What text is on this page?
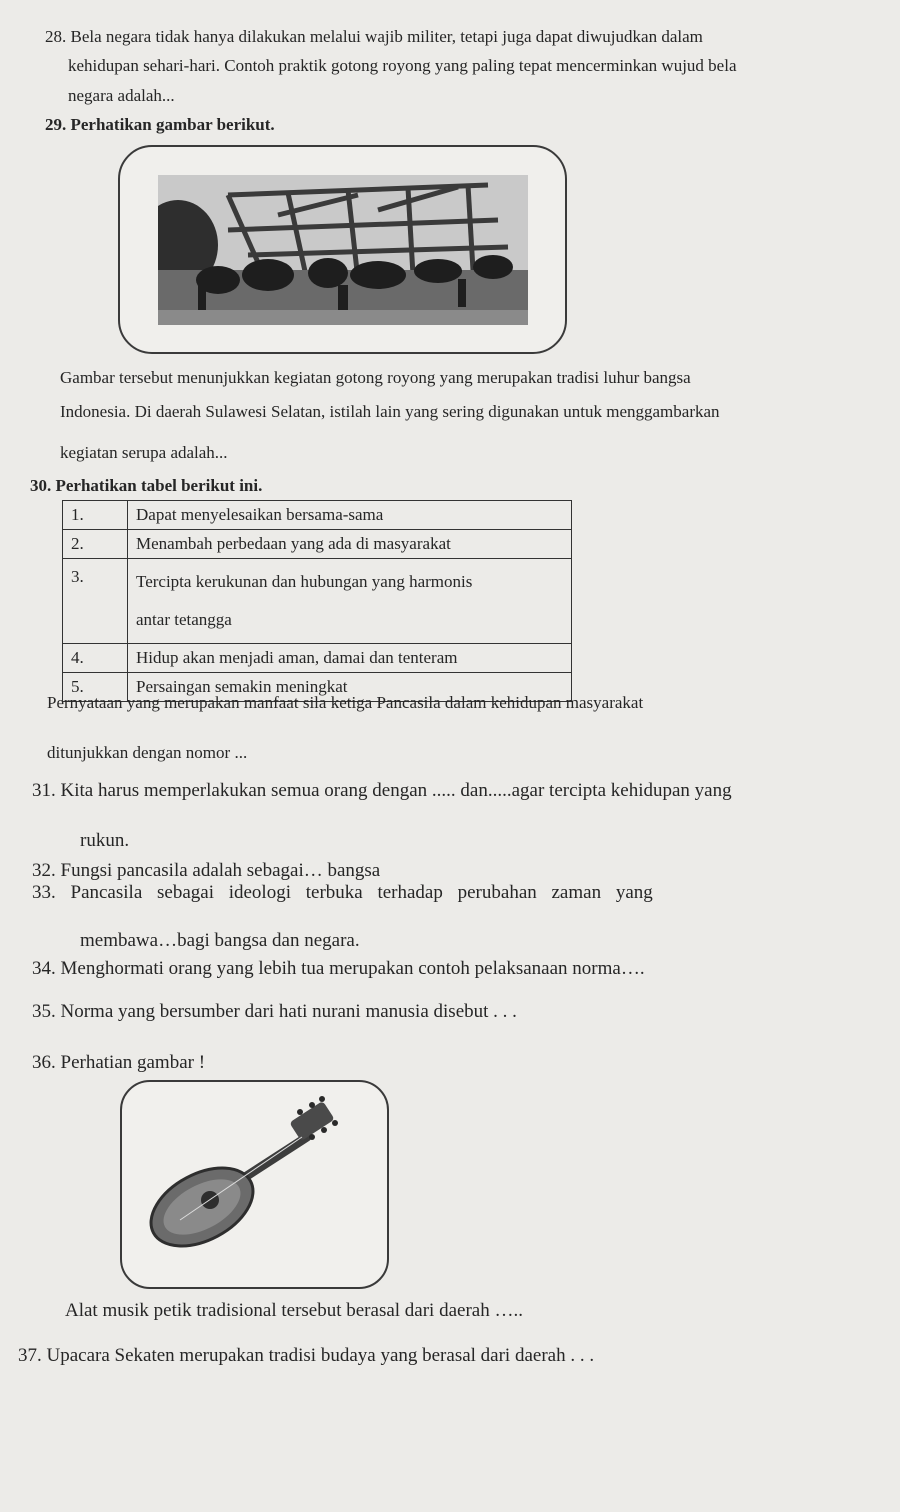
28. Bela negara tidak hanya dilakukan melalui wajib militer, tetapi juga dapat diwujudkan dalam
kehidupan sehari-hari. Contoh praktik gotong royong yang paling tepat mencerminkan wujud bela
negara adalah...
29. Perhatikan gambar berikut.
Gambar tersebut menunjukkan kegiatan gotong royong yang merupakan tradisi luhur bangsa
Indonesia. Di daerah Sulawesi Selatan, istilah lain yang sering digunakan untuk menggambarkan
kegiatan serupa adalah...
30. Perhatikan tabel berikut ini.
1.	Dapat menyelesaikan bersama-sama
2.	Menambah perbedaan yang ada di masyarakat
3.	Tercipta kerukunan dan hubungan yang harmonis
antar tetangga

4.	Hidup akan menjadi aman, damai dan tenteram
5.	Persaingan semakin meningkat
Pernyataan yang merupakan manfaat sila ketiga Pancasila dalam kehidupan masyarakat
ditunjukkan dengan nomor ...
31. Kita harus memperlakukan semua orang dengan ..... dan.....agar tercipta kehidupan yang
rukun.
32. Fungsi pancasila adalah sebagai… bangsa
33. Pancasila sebagai ideologi terbuka terhadap perubahan zaman yang
membawa…bagi bangsa dan negara.
34. Menghormati orang yang lebih tua merupakan contoh pelaksanaan norma….
35. Norma yang bersumber dari hati nurani manusia disebut . . .
36. Perhatian gambar !
Alat musik petik tradisional tersebut berasal dari daerah …..
37. Upacara Sekaten merupakan tradisi budaya yang berasal dari daerah . . .
